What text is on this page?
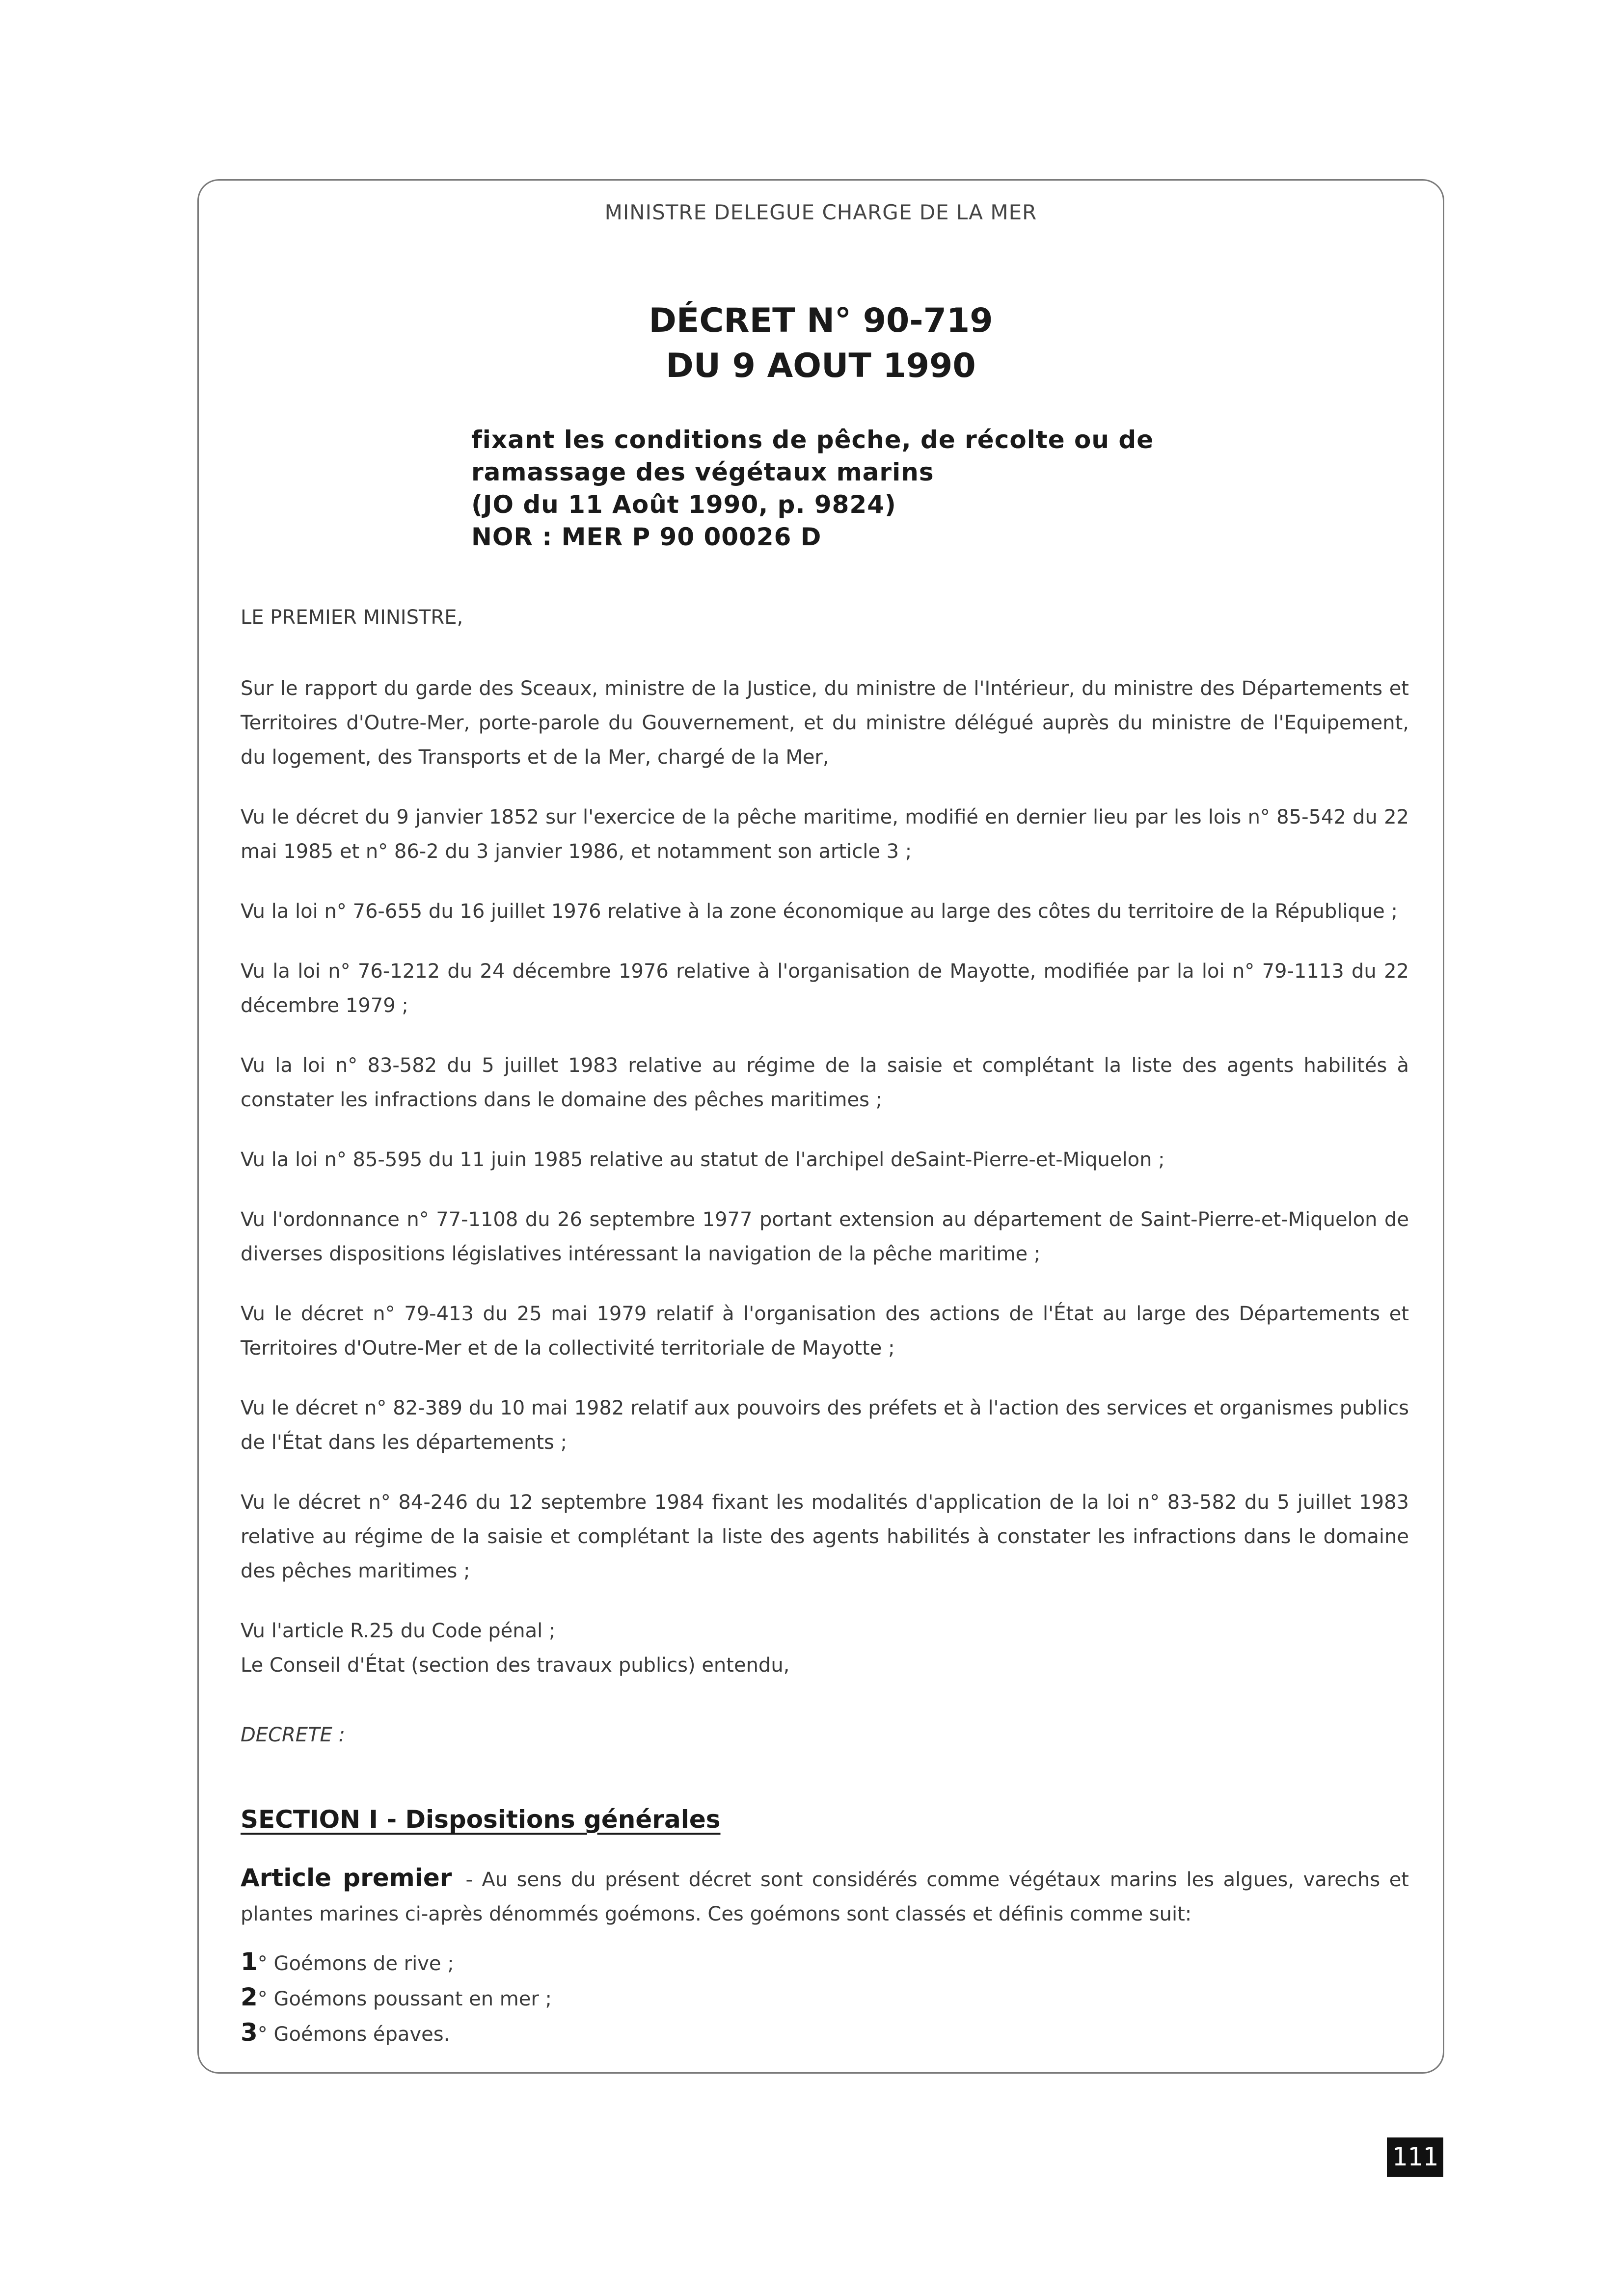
MINISTRE DELEGUE CHARGE DE LA MER
DÉCRET N° 90-719
DU 9 AOUT 1990
fixant les conditions de pêche, de récolte ou de
ramassage des végétaux marins
(JO du 11 Août 1990, p. 9824)
NOR : MER P 90 00026 D
LE PREMIER MINISTRE,

Sur le rapport du garde des Sceaux, ministre de la Justice, du ministre de l'Intérieur, du ministre des Départements et Territoires d'Outre-Mer, porte-parole du Gouvernement, et du ministre délégué auprès du ministre de l'Equipement, du logement, des Transports et de la Mer, chargé de la Mer,

Vu le décret du 9 janvier 1852 sur l'exercice de la pêche maritime, modifié en dernier lieu par les lois n° 85-542 du 22 mai 1985 et n° 86-2 du 3 janvier 1986, et notamment son article 3 ;

Vu la loi n° 76-655 du 16 juillet 1976 relative à la zone économique au large des côtes du territoire de la République ;

Vu la loi n° 76-1212 du 24 décembre 1976 relative à l'organisation de Mayotte, modifiée par la loi n° 79-1113 du 22 décembre 1979 ;

Vu la loi n° 83-582 du 5 juillet 1983 relative au régime de la saisie et complétant la liste des agents habilités à constater les infractions dans le domaine des pêches maritimes ;

Vu la loi n° 85-595 du 11 juin 1985 relative au statut de l'archipel deSaint-Pierre-et-Miquelon ;

Vu l'ordonnance n° 77-1108 du 26 septembre 1977 portant extension au département de Saint-Pierre-et-Miquelon de diverses dispositions législatives intéressant la navigation de la pêche maritime ;

Vu le décret n° 79-413 du 25 mai 1979 relatif à l'organisation des actions de l'État au large des Départements et Territoires d'Outre-Mer et de la collectivité territoriale de Mayotte ;

Vu le décret n° 82-389 du 10 mai 1982 relatif aux pouvoirs des préfets et à l'action des services et organismes publics de l'État dans les départements ;

Vu le décret n° 84-246 du 12 septembre 1984 fixant les modalités d'application de la loi n° 83-582 du 5 juillet 1983 relative au régime de la saisie et complétant la liste des agents habilités à constater les infractions dans le domaine des pêches maritimes ;

Vu l'article R.25 du Code pénal ;
Le Conseil d'État (section des travaux publics) entendu,

DECRETE :
SECTION I - Dispositions générales

Article premier - Au sens du présent décret sont considérés comme végétaux marins les algues, varechs et plantes marines ci-après dénommés goémons. Ces goémons sont classés et définis comme suit:

1° Goémons de rive ;
2° Goémons poussant en mer ;
3° Goémons épaves.
111
